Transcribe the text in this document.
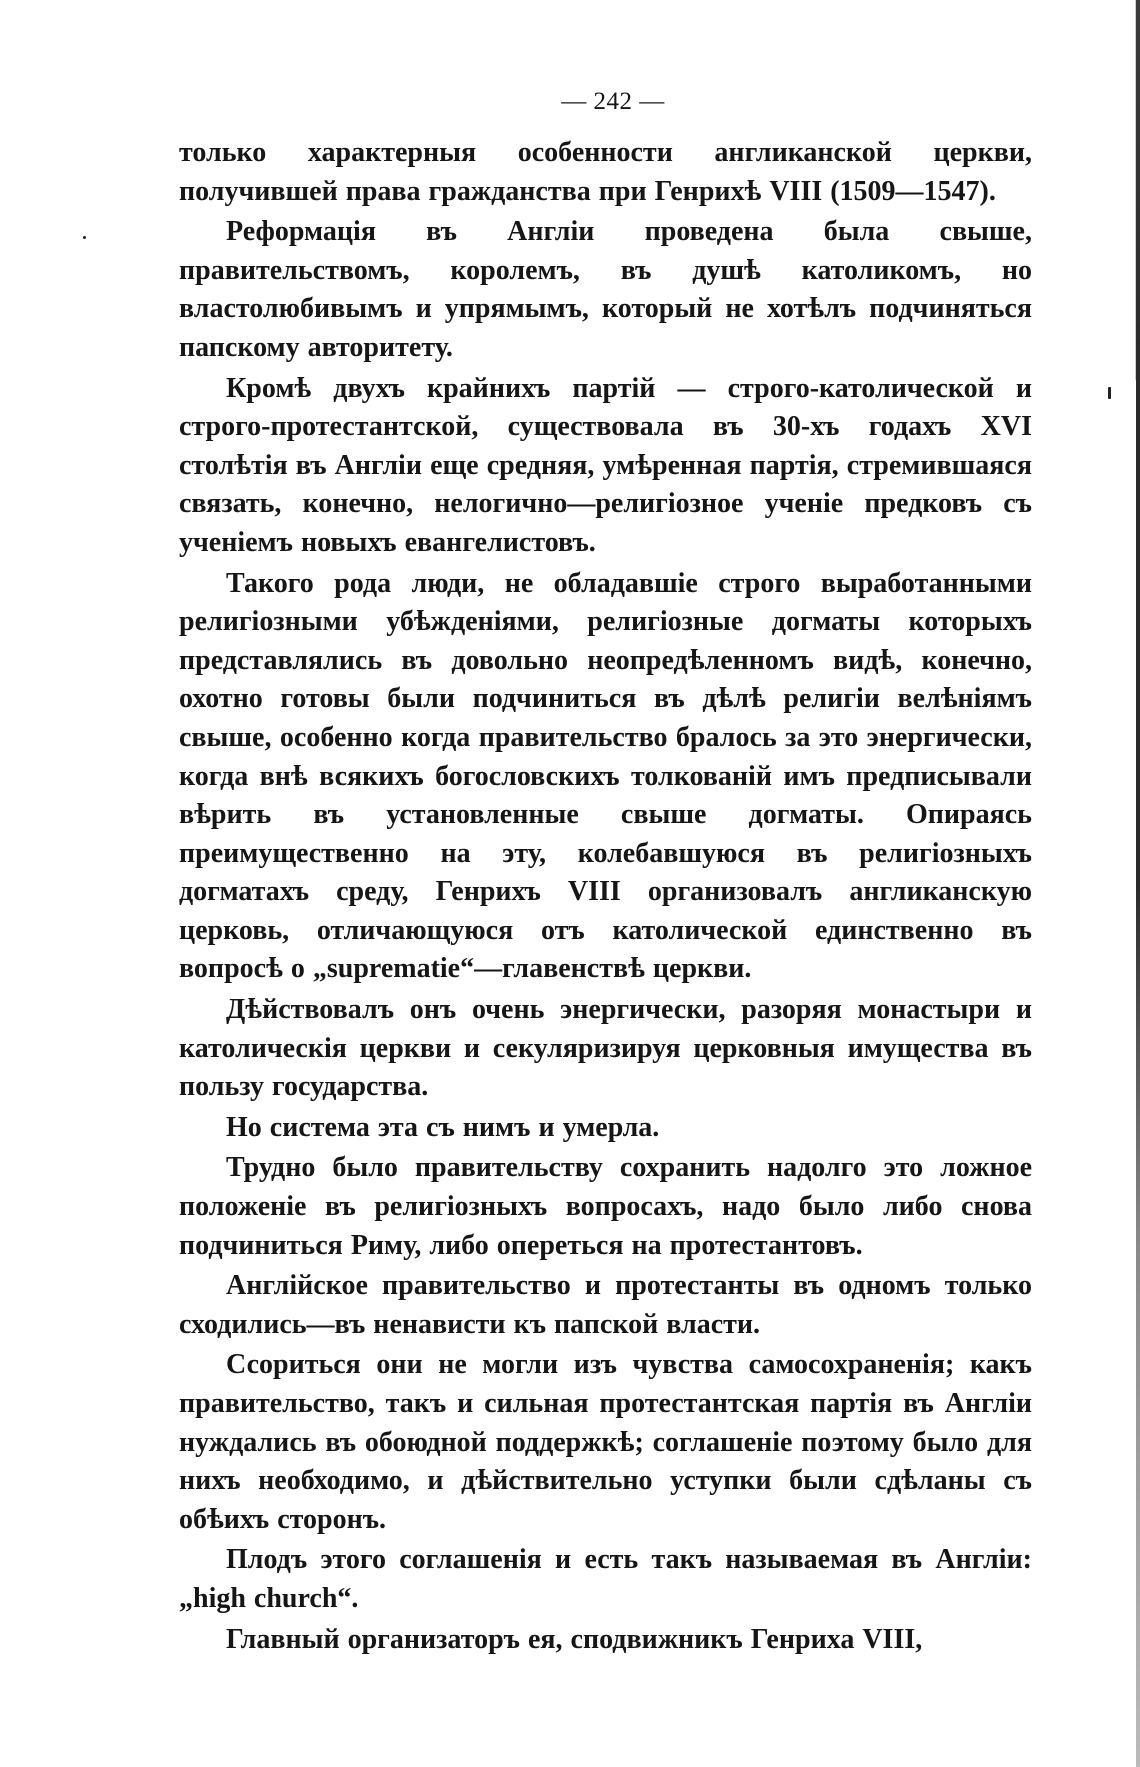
— 242 —

только характерныя особенности англиканской церкви, получившей права гражданства при Генрихѣ VIII (1509—1547).

Реформація въ Англіи проведена была свыше, правительствомъ, королемъ, въ душѣ католикомъ, но властолюбивымъ и упрямымъ, который не хотѣлъ подчиняться папскому авторитету.

Кромѣ двухъ крайнихъ партій — строго-католической и строго-протестантской, существовала въ 30-хъ годахъ XVI столѣтія въ Англіи еще средняя, умѣренная партія, стремившаяся связать, конечно, нелогично—религіозное ученіе предковъ съ ученіемъ новыхъ евангелистовъ.

Такого рода люди, не обладавшіе строго выработанными религіозными убѣжденіями, религіозные догматы которыхъ представлялись въ довольно неопредѣленномъ видѣ, конечно, охотно готовы были подчиниться въ дѣлѣ религіи велѣніямъ свыше, особенно когда правительство бралось за это энергически, когда внѣ всякихъ богословскихъ толкованій имъ предписывали вѣрить въ установленные свыше догматы. Опираясь преимущественно на эту, колебавшуюся въ религіозныхъ догматахъ среду, Генрихъ VIII организовалъ англиканскую церковь, отличающуюся отъ католической единственно въ вопросѣ о „suprematie“—главенствѣ церкви.

Дѣйствовалъ онъ очень энергически, разоряя монастыри и католическія церкви и секуляризируя церковныя имущества въ пользу государства.

Но система эта съ нимъ и умерла.

Трудно было правительству сохранить надолго это ложное положеніе въ религіозныхъ вопросахъ, надо было либо снова подчиниться Риму, либо опереться на протестантовъ.

Англійское правительство и протестанты въ одномъ только сходились—въ ненависти къ папской власти.

Ссориться они не могли изъ чувства самосохраненія; какъ правительство, такъ и сильная протестантская партія въ Англіи нуждались въ обоюдной поддержкѣ; соглашеніе поэтому было для нихъ необходимо, и дѣйствительно уступки были сдѣланы съ обѣихъ сторонъ.

Плодъ этого соглашенія и есть такъ называемая въ Англіи: „high church“.

Главный организаторъ ея, сподвижникъ Генриха VIII,
